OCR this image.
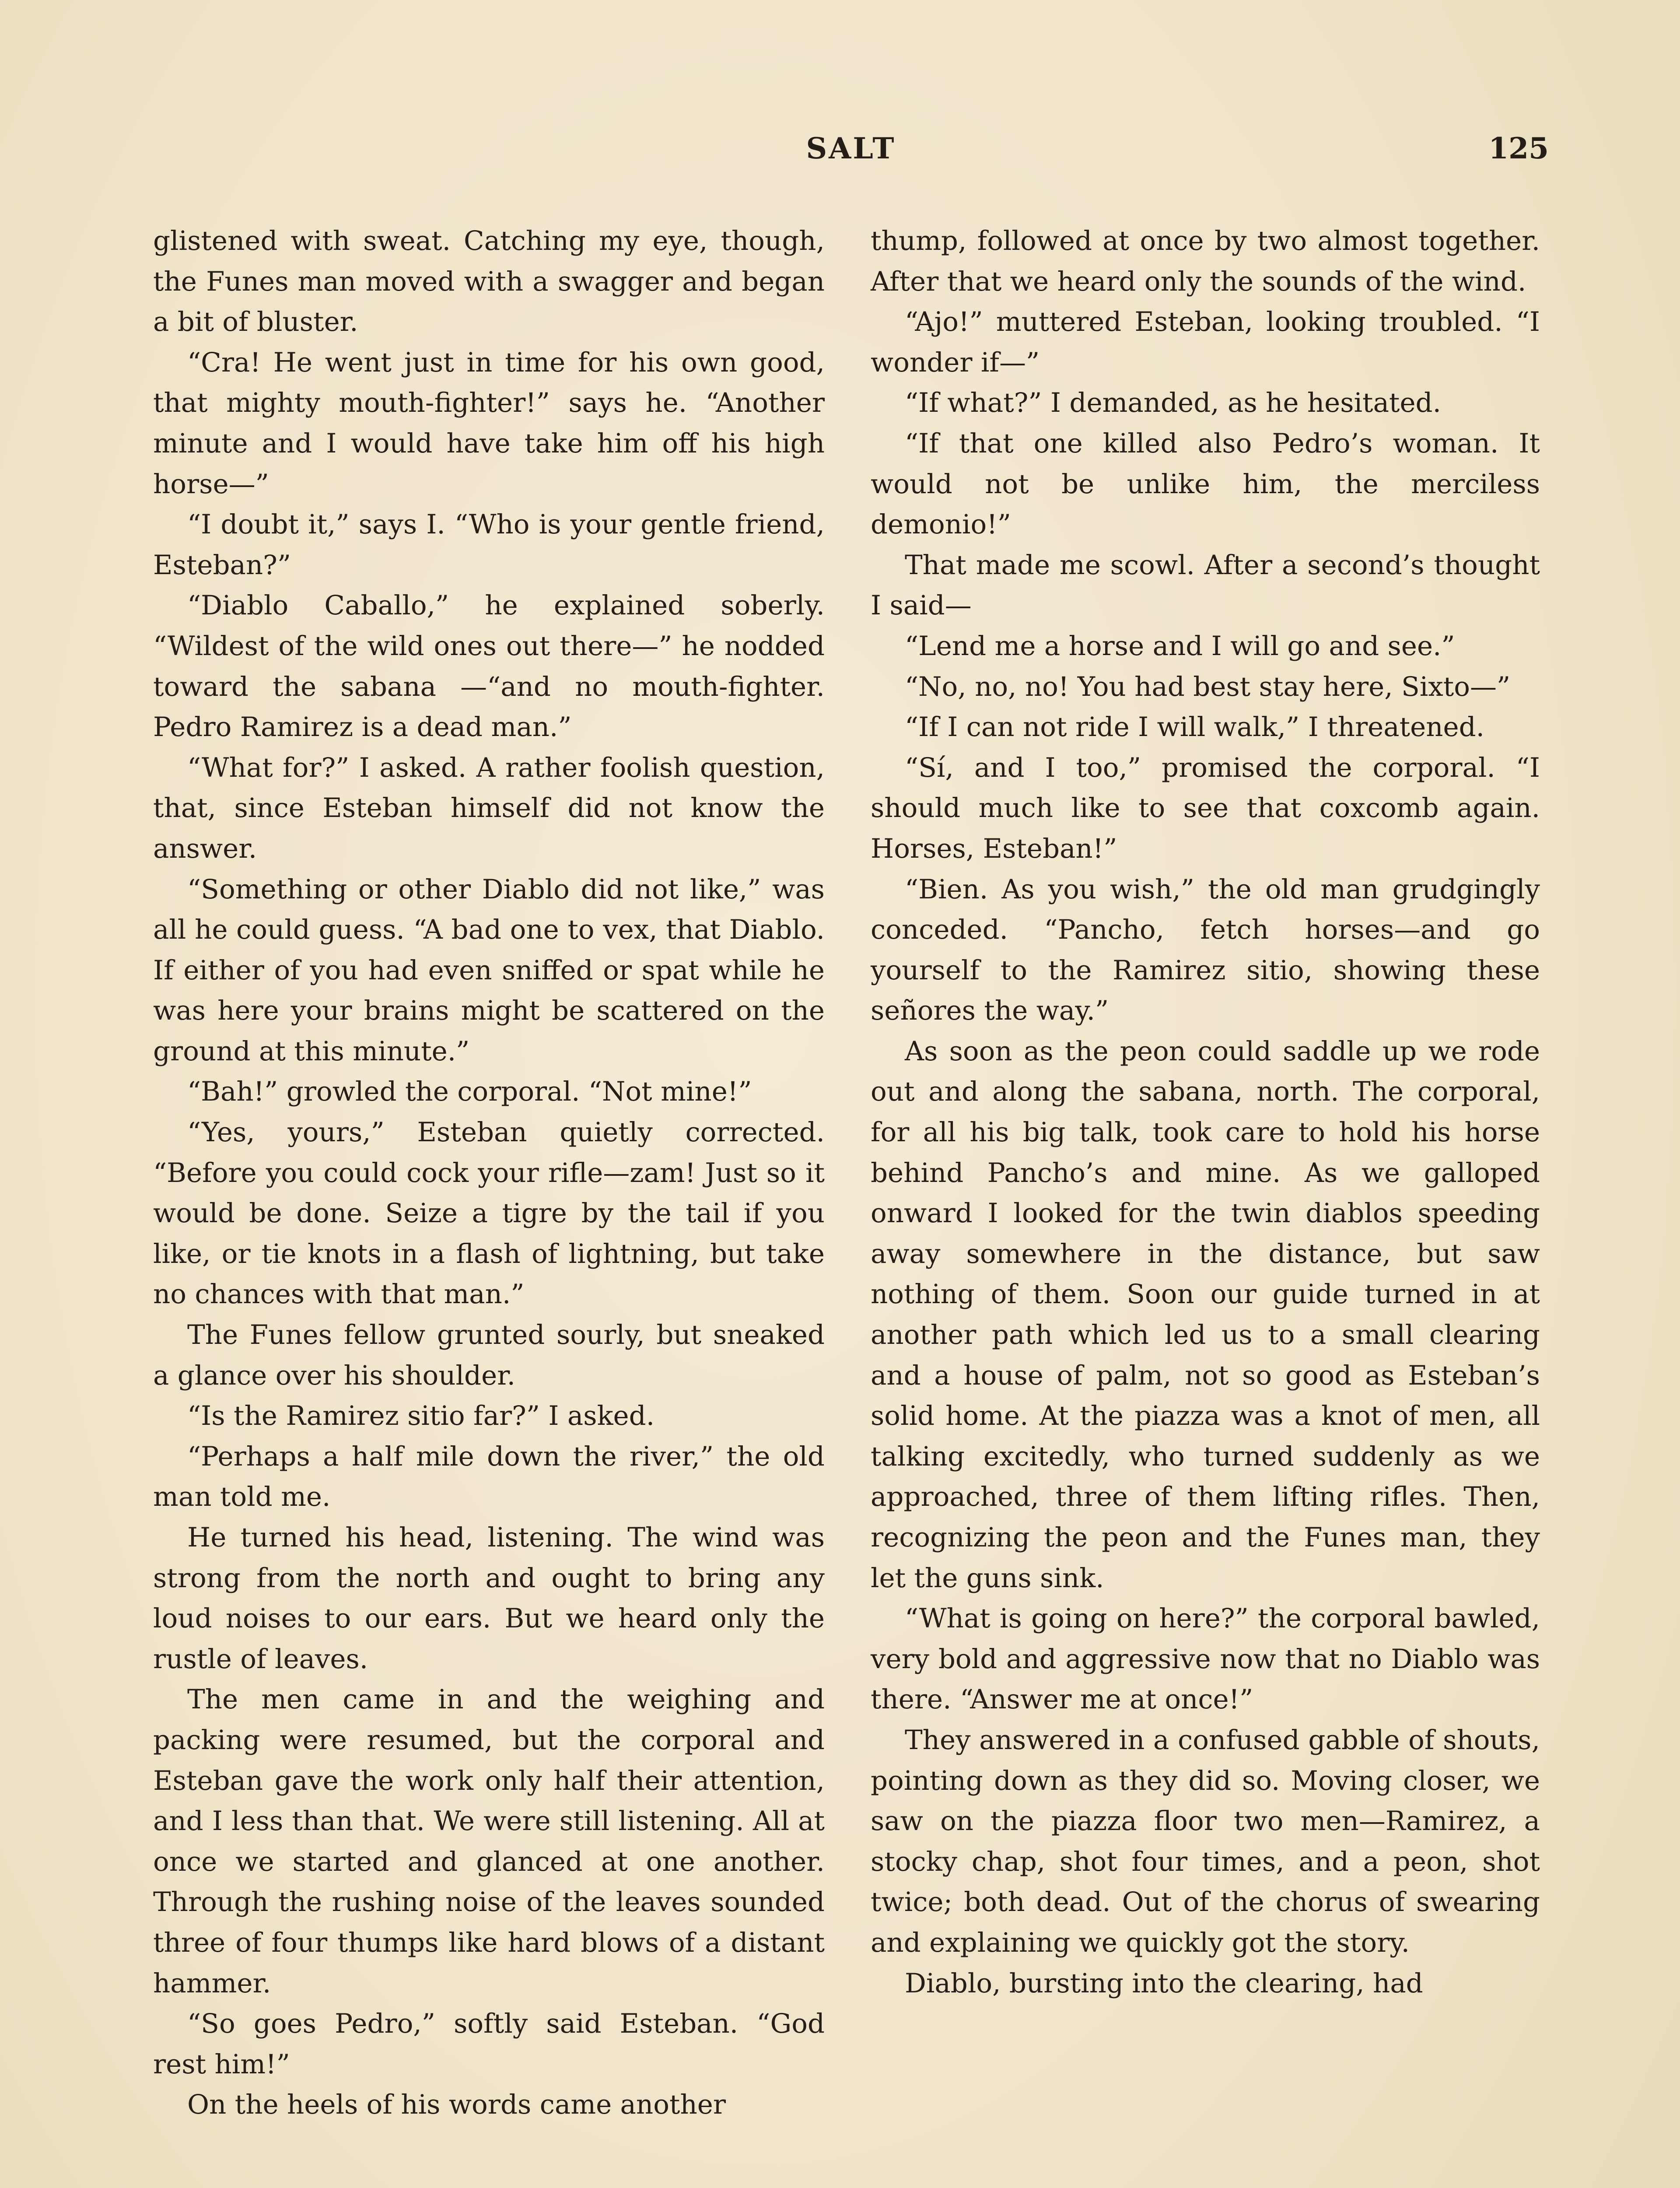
SALT	125

glistened with sweat. Catching my eye, though, the Funes man moved with a swagger and began a bit of bluster.

“Cra! He went just in time for his own good, that mighty mouth-fighter!” says he. “Another minute and I would have take him off his high horse—”

“I doubt it,” says I. “Who is your gentle friend, Esteban?”

“Diablo Caballo,” he explained soberly. “Wildest of the wild ones out there—” he nodded toward the sabana —“and no mouth-fighter. Pedro Ramirez is a dead man.”

“What for?” I asked. A rather foolish question, that, since Esteban himself did not know the answer.

“Something or other Diablo did not like,” was all he could guess. “A bad one to vex, that Diablo. If either of you had even sniffed or spat while he was here your brains might be scattered on the ground at this minute.”

“Bah!” growled the corporal. “Not mine!”

“Yes, yours,” Esteban quietly corrected. “Before you could cock your rifle—zam! Just so it would be done. Seize a tigre by the tail if you like, or tie knots in a flash of lightning, but take no chances with that man.”

The Funes fellow grunted sourly, but sneaked a glance over his shoulder.

“Is the Ramirez sitio far?” I asked.

“Perhaps a half mile down the river,” the old man told me.

He turned his head, listening. The wind was strong from the north and ought to bring any loud noises to our ears. But we heard only the rustle of leaves.

The men came in and the weighing and packing were resumed, but the corporal and Esteban gave the work only half their attention, and I less than that. We were still listening. All at once we started and glanced at one another. Through the rushing noise of the leaves sounded three of four thumps like hard blows of a distant hammer.

“So goes Pedro,” softly said Esteban. “God rest him!”

On the heels of his words came another

thump, followed at once by two almost together. After that we heard only the sounds of the wind.

“Ajo!” muttered Esteban, looking troubled. “I wonder if—”

“If what?” I demanded, as he hesitated.

“If that one killed also Pedro’s woman. It would not be unlike him, the merciless demonio!”

That made me scowl. After a second’s thought I said—

“Lend me a horse and I will go and see.”

“No, no, no! You had best stay here, Sixto—”

“If I can not ride I will walk,” I threatened.

“Sí, and I too,” promised the corporal. “I should much like to see that coxcomb again. Horses, Esteban!”

“Bien. As you wish,” the old man grudgingly conceded. “Pancho, fetch horses—and go yourself to the Ramirez sitio, showing these señores the way.”

As soon as the peon could saddle up we rode out and along the sabana, north. The corporal, for all his big talk, took care to hold his horse behind Pancho’s and mine. As we galloped onward I looked for the twin diablos speeding away somewhere in the distance, but saw nothing of them. Soon our guide turned in at another path which led us to a small clearing and a house of palm, not so good as Esteban’s solid home. At the piazza was a knot of men, all talking excitedly, who turned suddenly as we approached, three of them lifting rifles. Then, recognizing the peon and the Funes man, they let the guns sink.

“What is going on here?” the corporal bawled, very bold and aggressive now that no Diablo was there. “Answer me at once!”

They answered in a confused gabble of shouts, pointing down as they did so. Moving closer, we saw on the piazza floor two men—Ramirez, a stocky chap, shot four times, and a peon, shot twice; both dead. Out of the chorus of swearing and explaining we quickly got the story.

Diablo, bursting into the clearing, had
